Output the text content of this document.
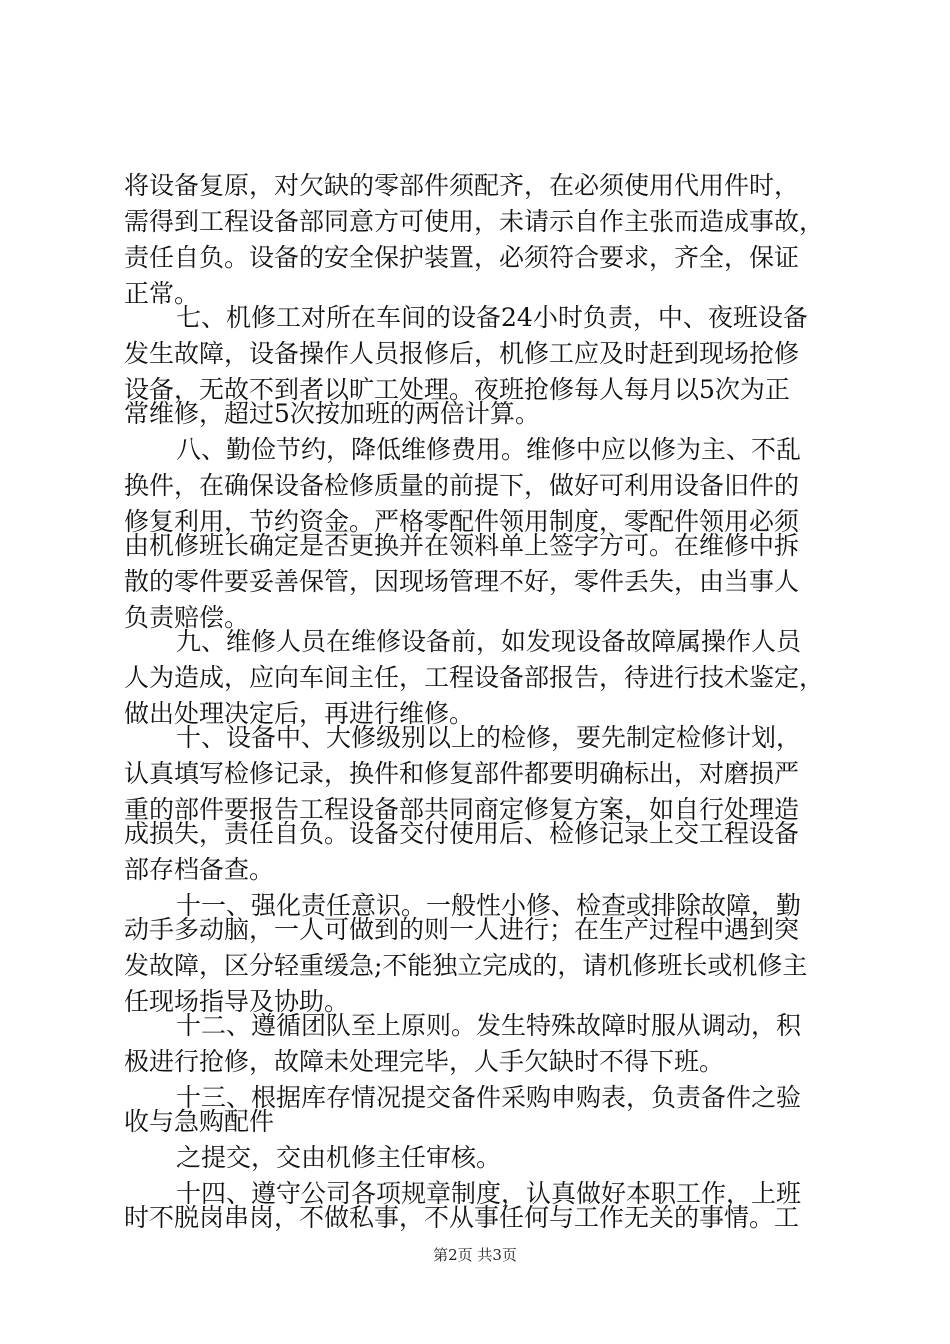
将设备复原，对欠缺的零部件须配齐，在必须使用代用件时，
需得到工程设备部同意方可使用，未请示自作主张而造成事故，
责任自负。设备的安全保护装置，必须符合要求，齐全，保证
正常。
七、机修工对所在车间的设备24小时负责，中、夜班设备
发生故障，设备操作人员报修后，机修工应及时赶到现场抢修
设备，无故不到者以旷工处理。夜班抢修每人每月以5次为正
常维修，超过5次按加班的两倍计算。
八、勤俭节约，降低维修费用。维修中应以修为主、不乱
换件，在确保设备检修质量的前提下，做好可利用设备旧件的
修复利用，节约资金。严格零配件领用制度，零配件领用必须
由机修班长确定是否更换并在领料单上签字方可。在维修中拆
散的零件要妥善保管，因现场管理不好，零件丢失，由当事人
负责赔偿。
九、维修人员在维修设备前，如发现设备故障属操作人员
人为造成，应向车间主任，工程设备部报告，待进行技术鉴定，
做出处理决定后，再进行维修。
十、设备中、大修级别以上的检修，要先制定检修计划，
认真填写检修记录，换件和修复部件都要明确标出，对磨损严
重的部件要报告工程设备部共同商定修复方案，如自行处理造
成损失，责任自负。设备交付使用后、检修记录上交工程设备
部存档备查。
十一、强化责任意识。一般性小修、检查或排除故障，勤
动手多动脑，一人可做到的则一人进行；在生产过程中遇到突
发故障，区分轻重缓急;不能独立完成的，请机修班长或机修主
任现场指导及协助。
十二、遵循团队至上原则。发生特殊故障时服从调动，积
极进行抢修，故障未处理完毕，人手欠缺时不得下班。
十三、根据库存情况提交备件采购申购表，负责备件之验
收与急购配件
之提交，交由机修主任审核。
十四、遵守公司各项规章制度，认真做好本职工作，上班
时不脱岗串岗，不做私事，不从事任何与工作无关的事情。工
第2页 共3页
